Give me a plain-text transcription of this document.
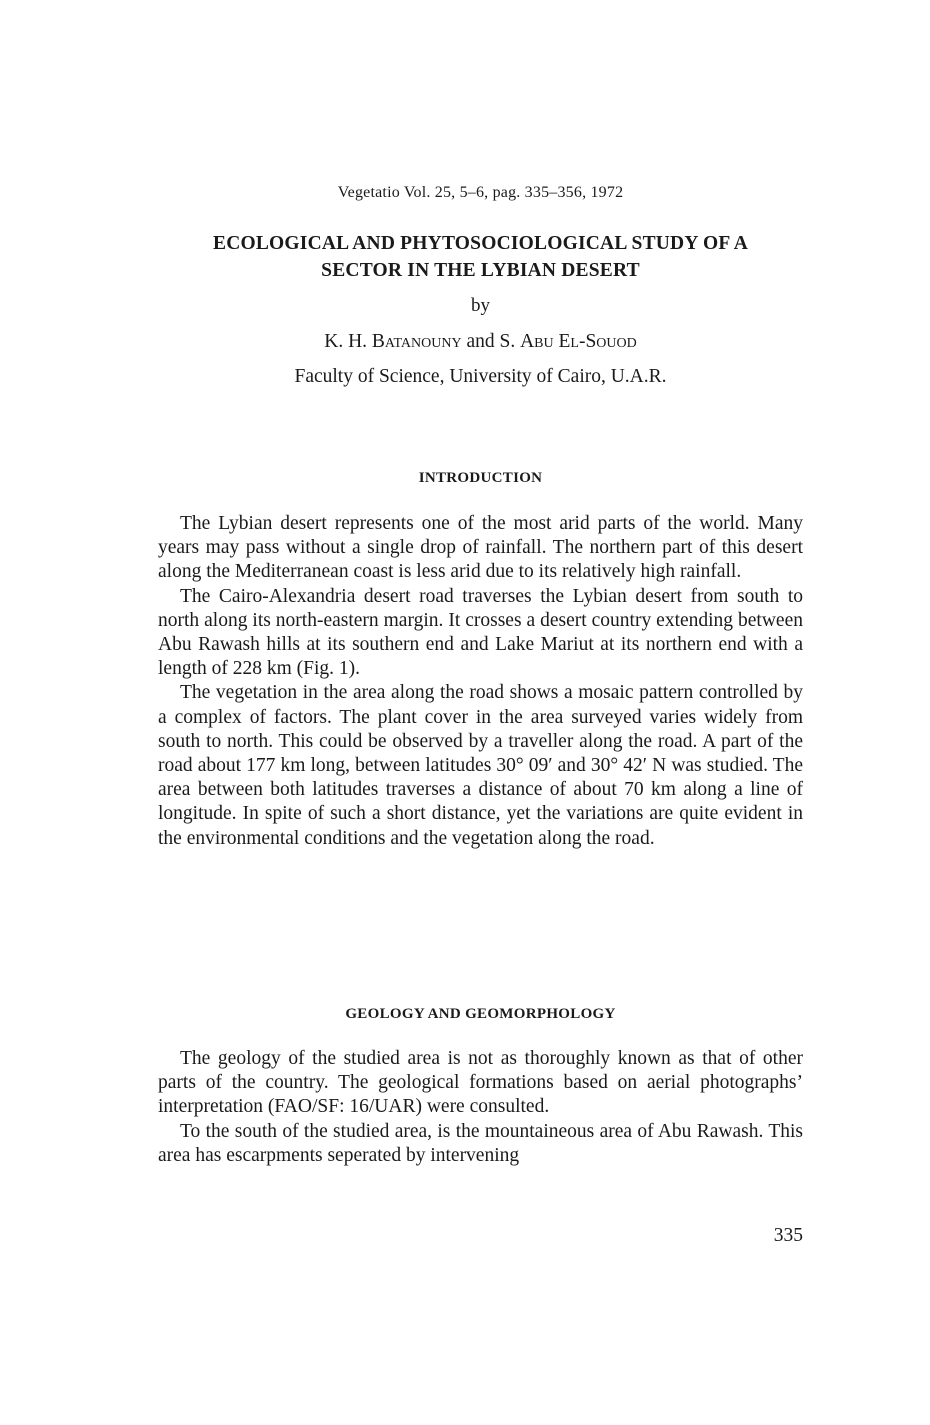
Vegetatio Vol. 25, 5–6, pag. 335–356, 1972
ECOLOGICAL AND PHYTOSOCIOLOGICAL STUDY OF A
SECTOR IN THE LYBIAN DESERT
by
K. H. Batanouny and S. Abu El-Souod
Faculty of Science, University of Cairo, U.A.R.
INTRODUCTION

The Lybian desert represents one of the most arid parts of the world. Many years may pass without a single drop of rainfall. The northern part of this desert along the Mediterranean coast is less arid due to its relatively high rainfall.

The Cairo-Alexandria desert road traverses the Lybian desert from south to north along its north-eastern margin. It crosses a desert country extending between Abu Rawash hills at its southern end and Lake Mariut at its northern end with a length of 228 km (Fig. 1).

The vegetation in the area along the road shows a mosaic pattern controlled by a complex of factors. The plant cover in the area surveyed varies widely from south to north. This could be observed by a traveller along the road. A part of the road about 177 km long, between latitudes 30° 09′ and 30° 42′ N was studied. The area between both latitudes traverses a distance of about 70 km along a line of longitude. In spite of such a short distance, yet the variations are quite evident in the environmental conditions and the vegetation along the road.

GEOLOGY AND GEOMORPHOLOGY

The geology of the studied area is not as thoroughly known as that of other parts of the country. The geological formations based on aerial photographs’ interpretation (FAO/SF: 16/UAR) were consulted.

To the south of the studied area, is the mountaineous area of Abu Rawash. This area has escarpments seperated by intervening

335
